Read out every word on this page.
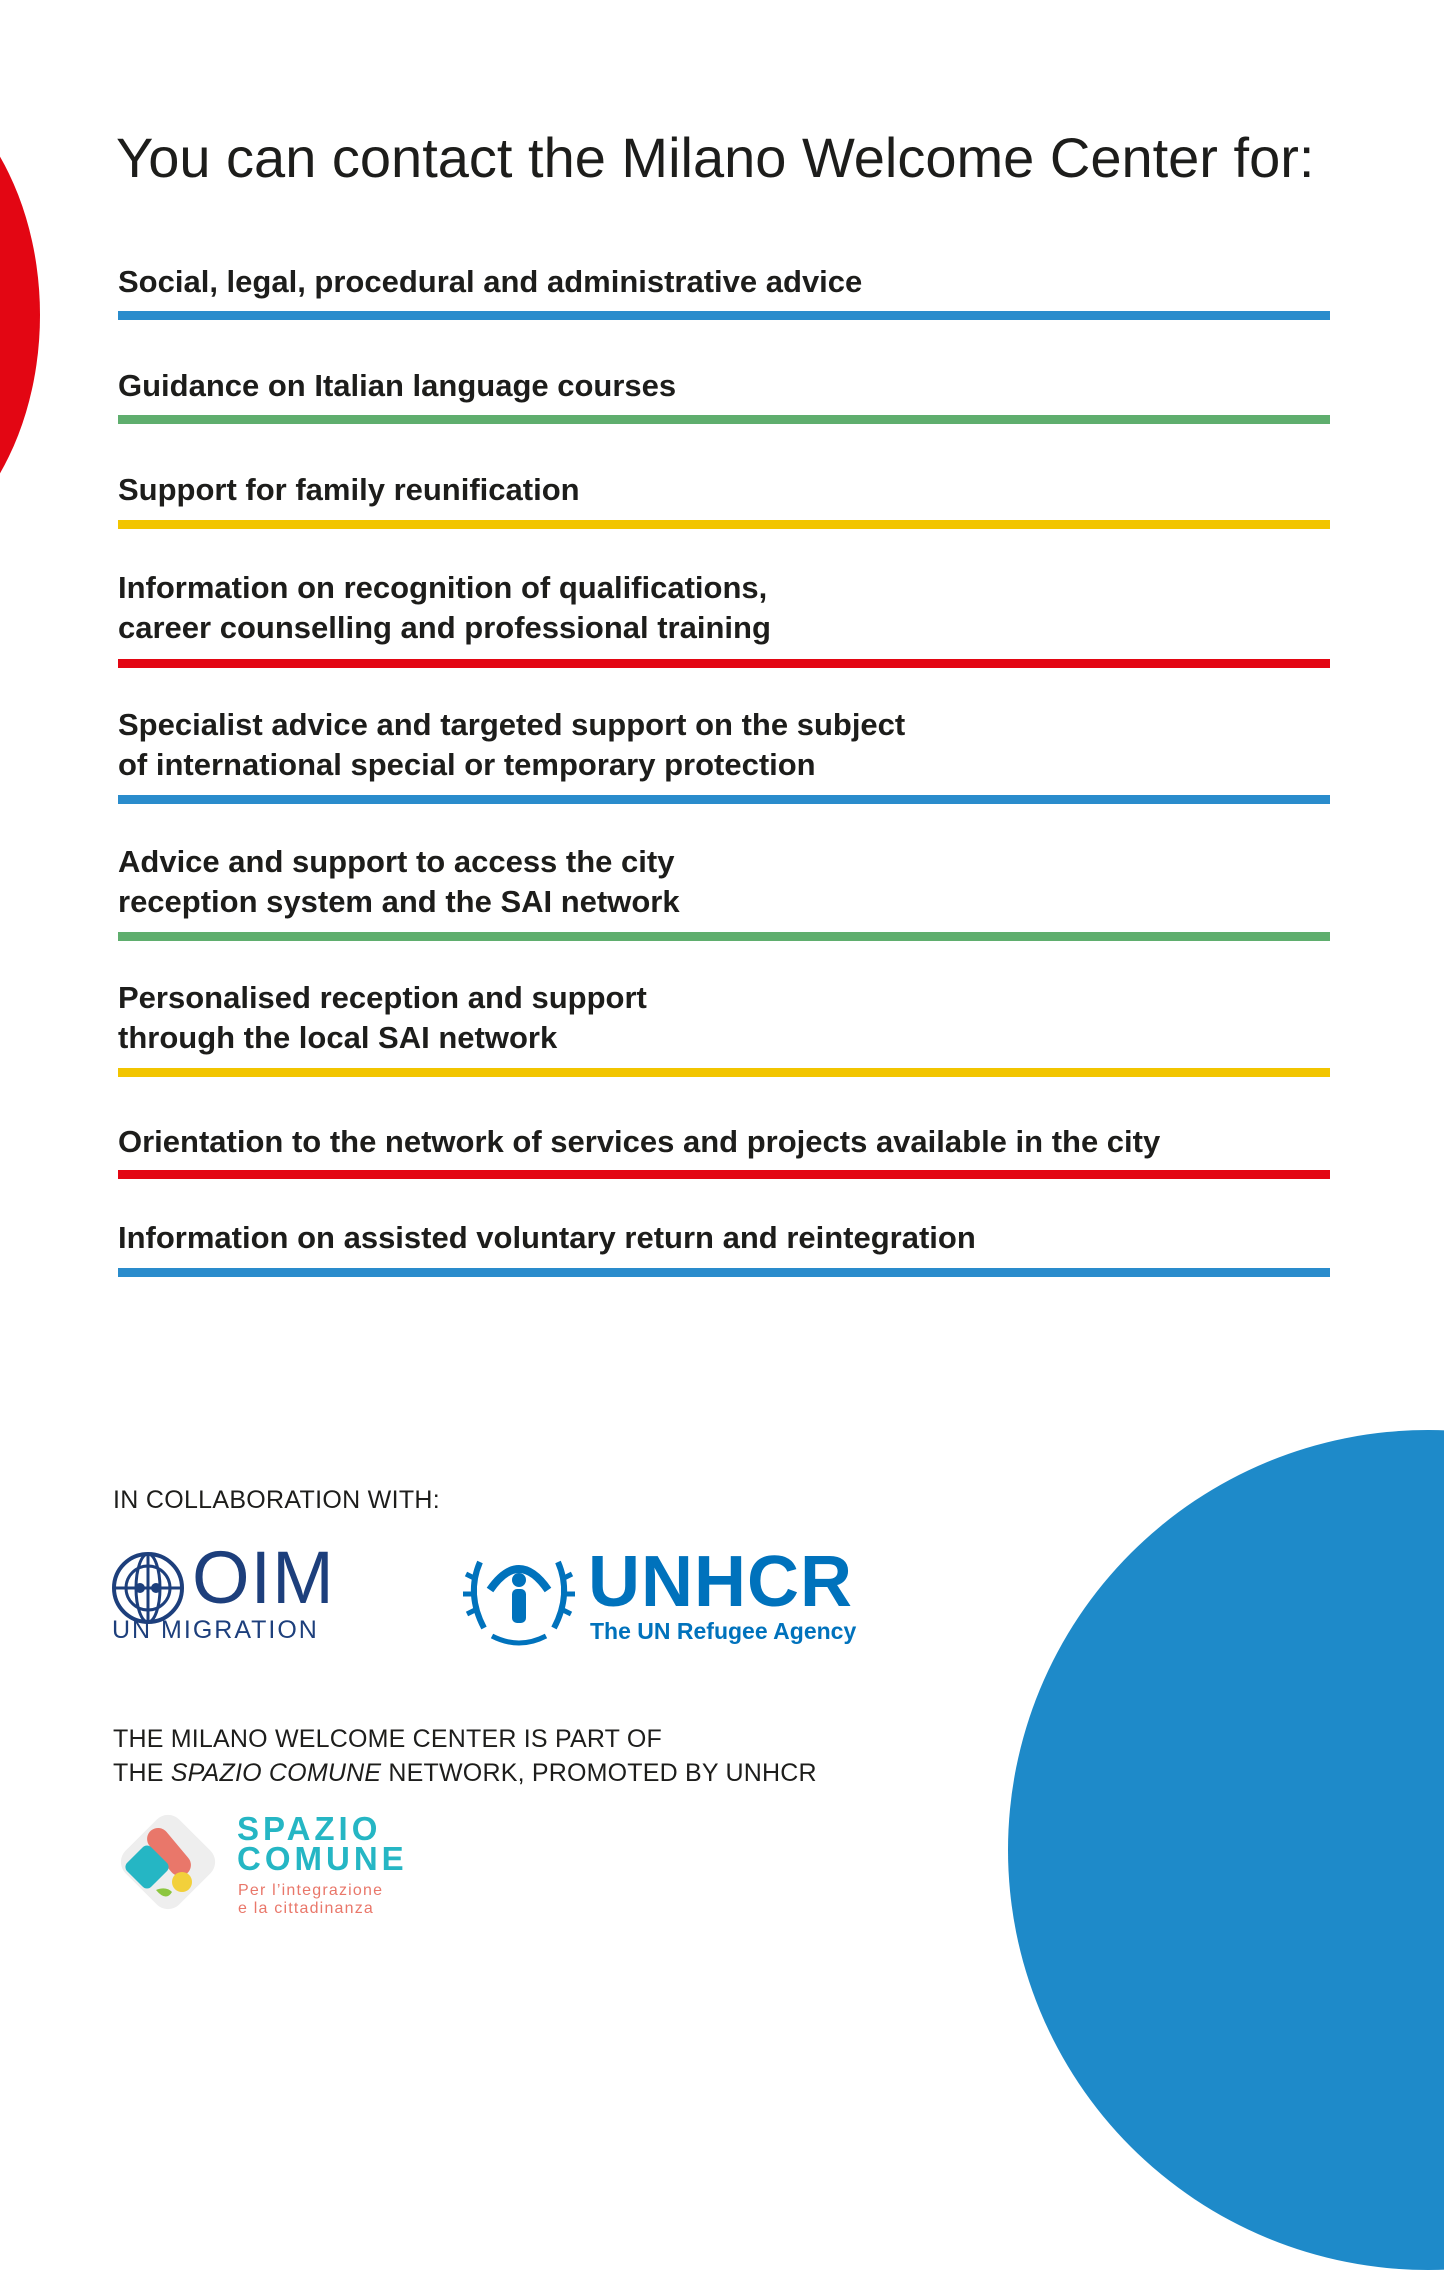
You can contact the Milano Welcome Center for:
Social, legal, procedural and administrative advice
Guidance on Italian language courses
Support for family reunification
Information on recognition of qualifications,
career counselling and professional training
Specialist advice and targeted support on the subject
of international special or temporary protection
Advice and support to access the city
reception system and the SAI network
Personalised reception and support
through the local SAI network
Orientation to the network of services and projects available in the city
Information on assisted voluntary return and reintegration
IN COLLABORATION WITH:
OIM
UN MIGRATION
UNHCR
The UN Refugee Agency
THE MILANO WELCOME CENTER IS PART OF
THE SPAZIO COMUNE NETWORK, PROMOTED BY UNHCR
SPAZIO
COMUNE
Per l’integrazione
e la cittadinanza
